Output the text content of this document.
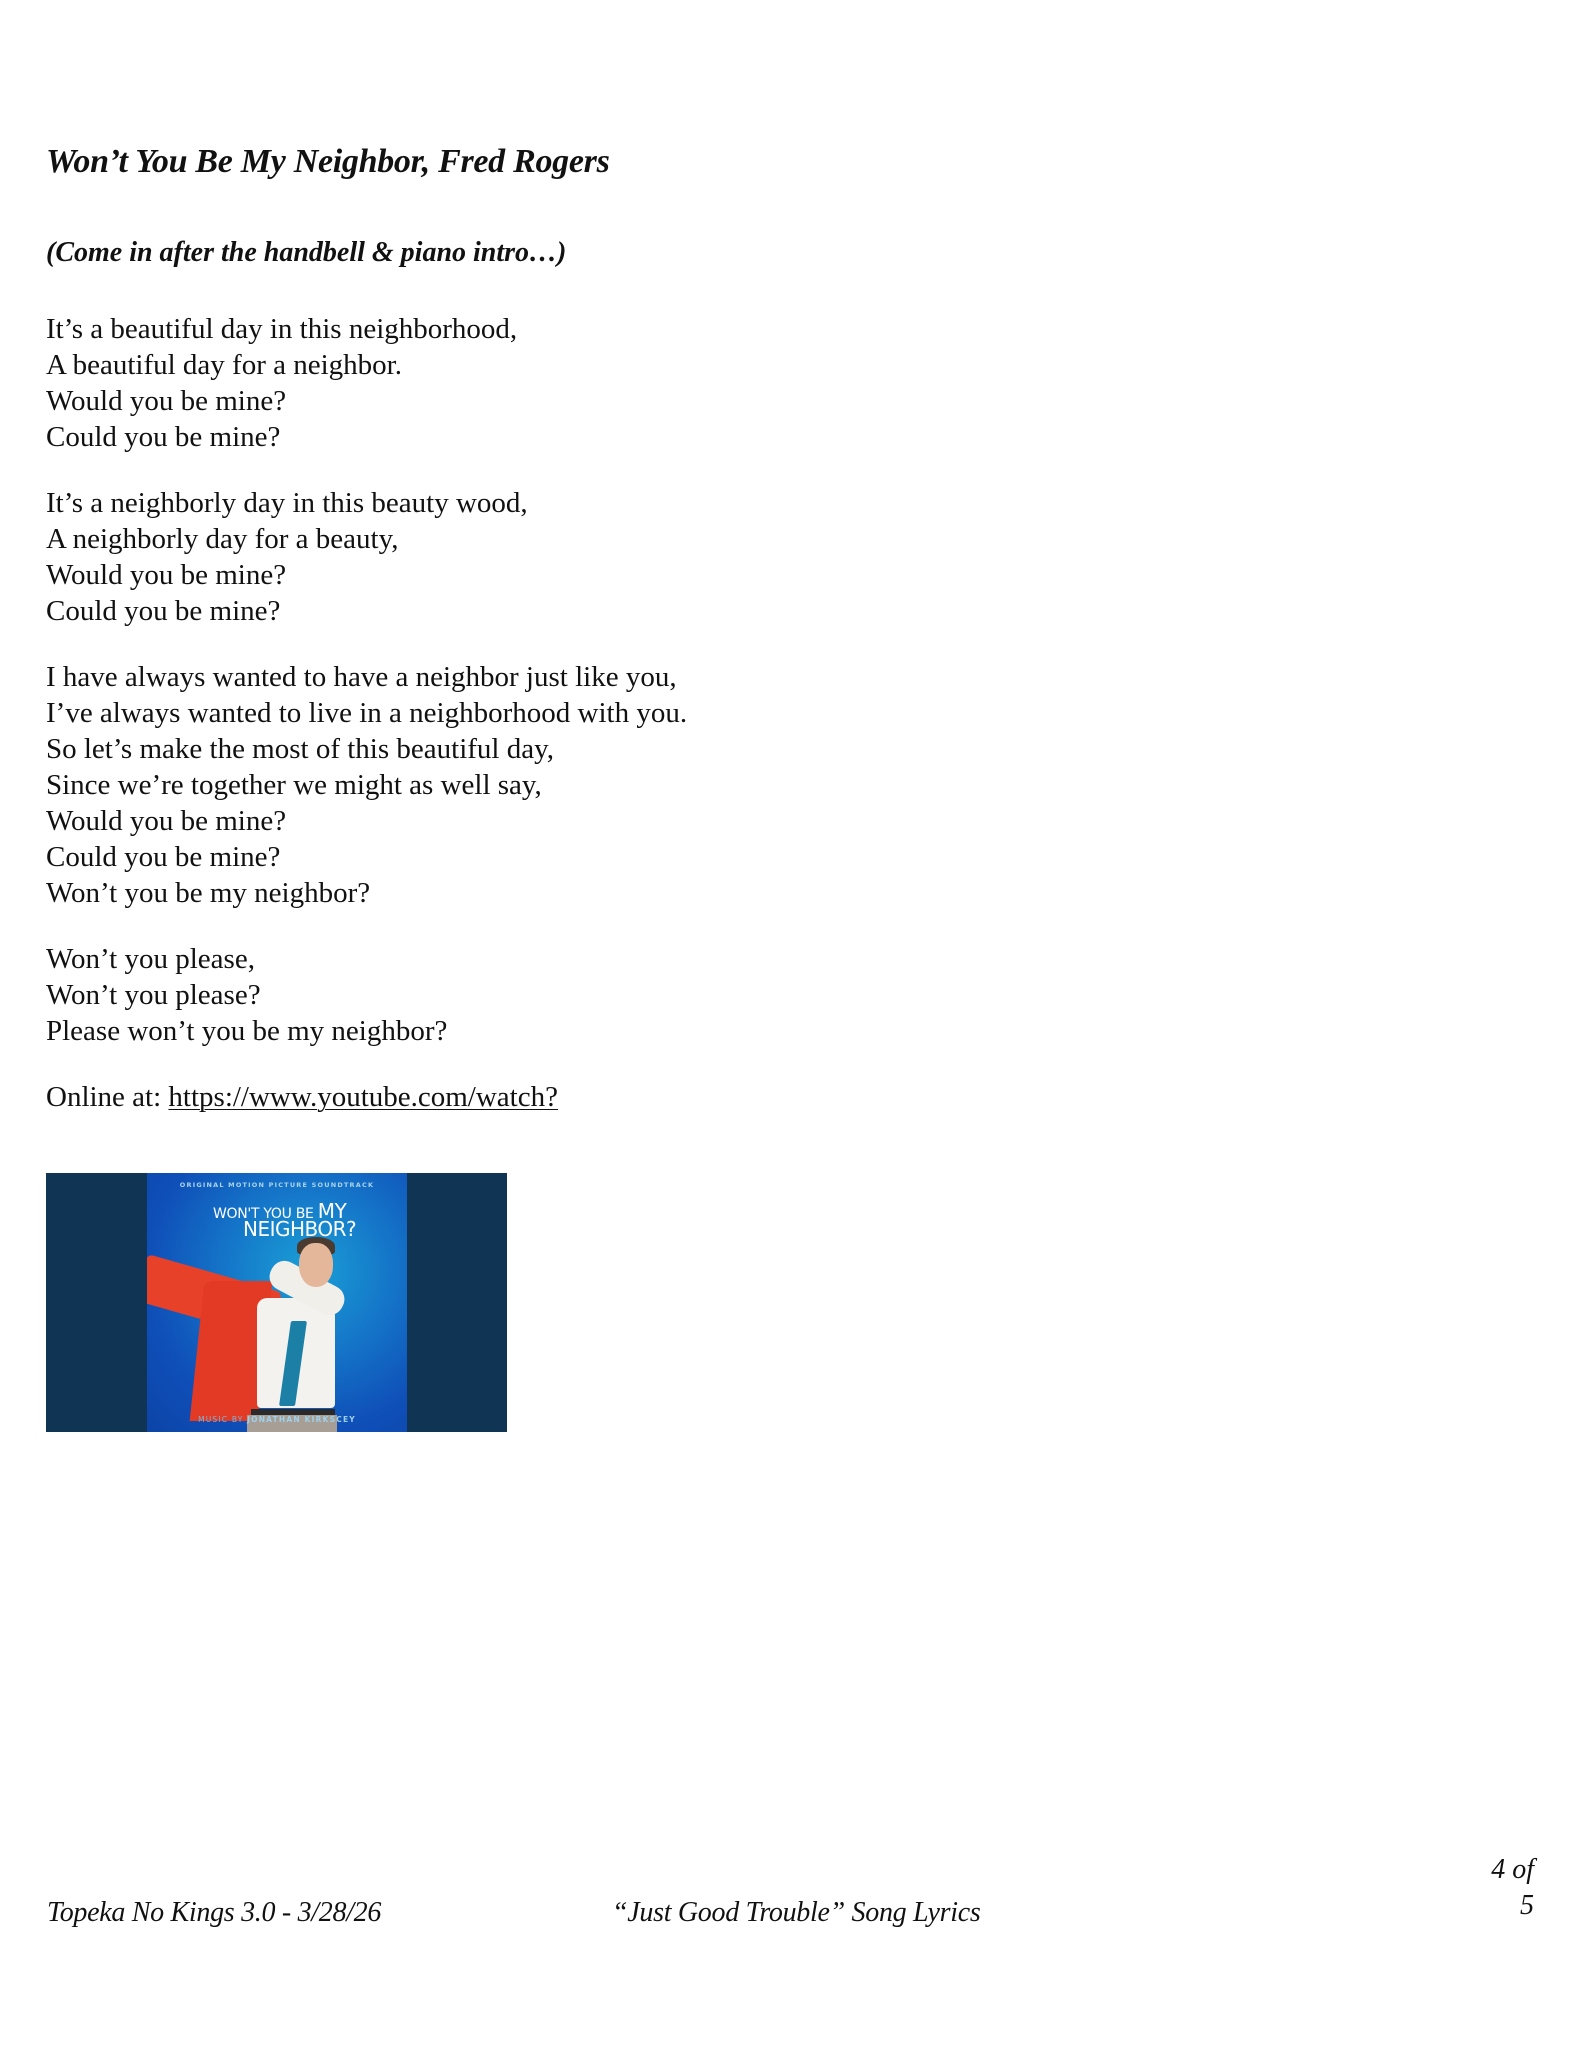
Won’t You Be My Neighbor, Fred Rogers

(Come in after the handbell & piano intro…)

It’s a beautiful day in this neighborhood,
A beautiful day for a neighbor.
Would you be mine?
Could you be mine?
It’s a neighborly day in this beauty wood,
A neighborly day for a beauty,
Would you be mine?
Could you be mine?
I have always wanted to have a neighbor just like you,
I’ve always wanted to live in a neighborhood with you.
So let’s make the most of this beautiful day,
Since we’re together we might as well say,
Would you be mine?
Could you be mine?
Won’t you be my neighbor?
Won’t you please,
Won’t you please?
Please won’t you be my neighbor?
Online at: https://www.youtube.com/watch?
ORIGINAL MOTION PICTURE SOUNDTRACK
WON'T YOU BE MY
NEIGHBOR?
MUSIC BY JONATHAN KIRKSCEY
Topeka No Kings 3.0 - 3/28/26	“Just Good Trouble” Song Lyrics
4 of
5
